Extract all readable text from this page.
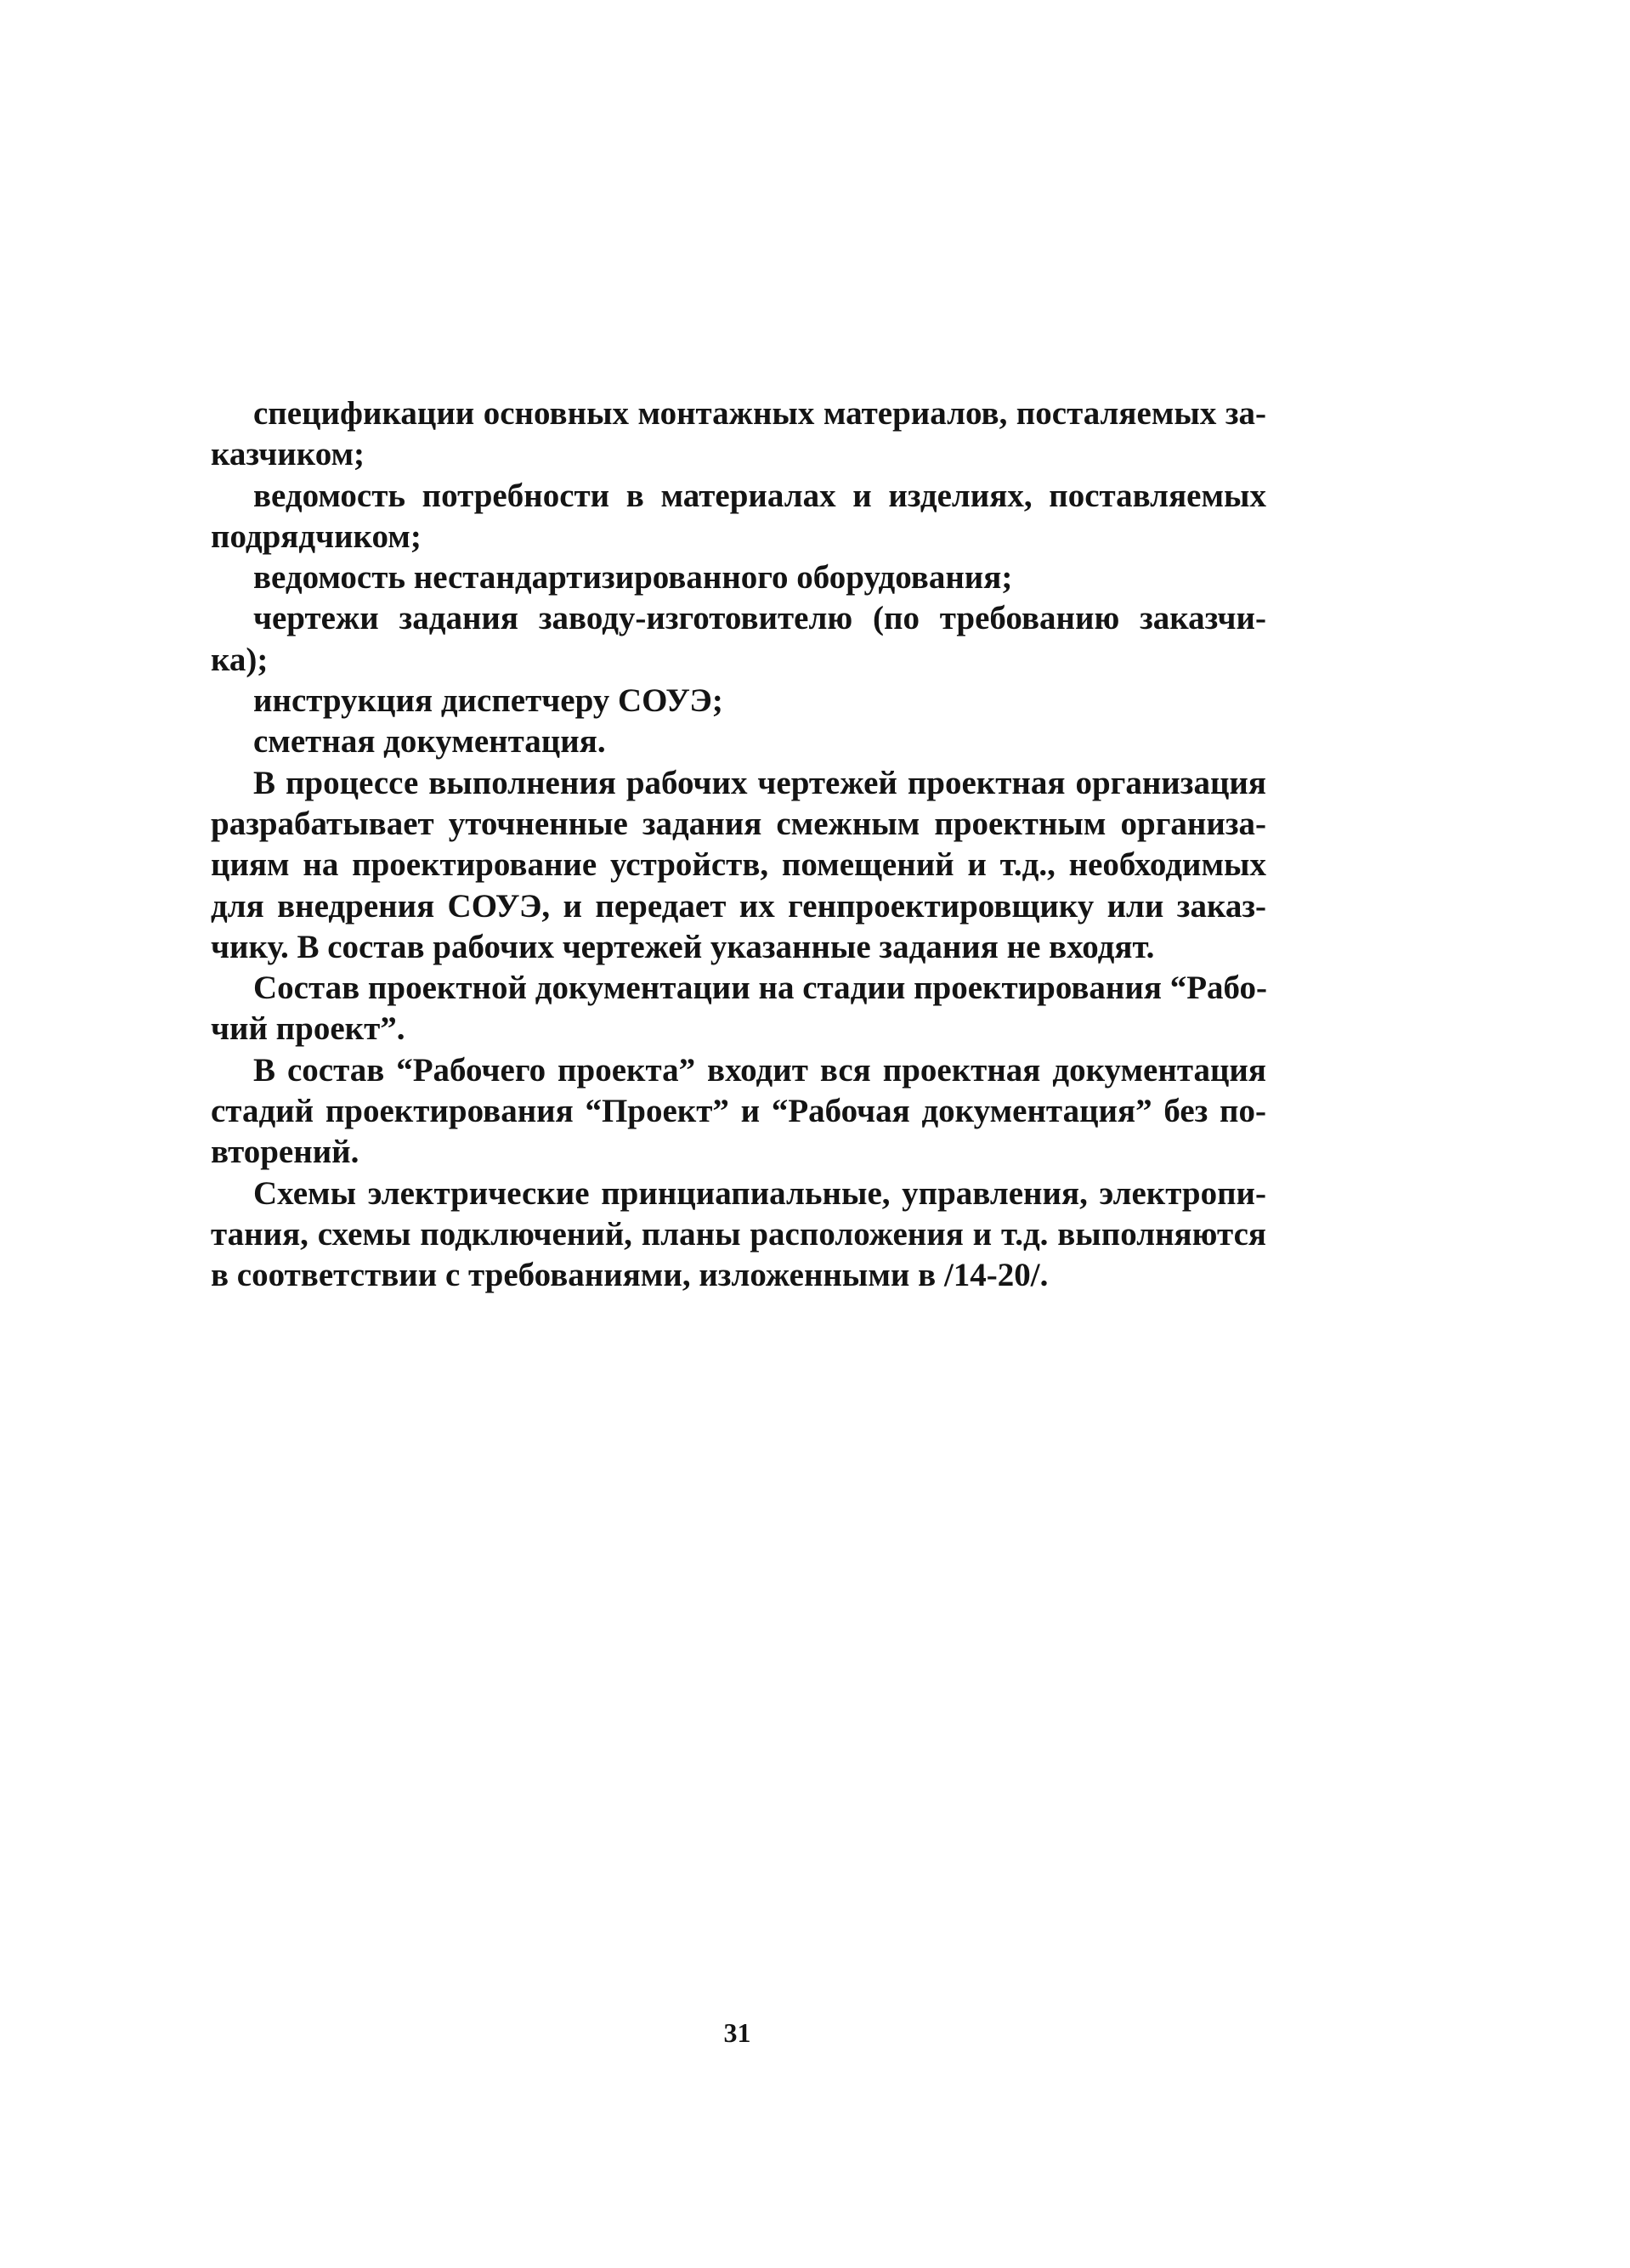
спецификации основных монтажных материалов, посталяемых за-
казчиком;
ведомость потребности в материалах и изделиях, поставляемых
подрядчиком;
ведомость нестандартизированного оборудования;
чертежи задания заводу-изготовителю (по требованию заказчи-
ка);
инструкция диспетчеру СОУЭ;
сметная документация.
В процессе выполнения рабочих чертежей проектная организация
разрабатывает уточненные задания смежным проектным организа-
циям на проектирование устройств, помещений и т.д., необходимых
для внедрения СОУЭ, и передает их генпроектировщику или заказ-
чику. В состав рабочих чертежей указанные задания не входят.
Состав проектной документации на стадии проектирования “Рабо-
чий проект”.
В состав “Рабочего проекта” входит вся проектная документация
стадий проектирования “Проект” и “Рабочая документация” без по-
вторений.
Схемы электрические принциапиальные, управления, электропи-
тания, схемы подключений, планы расположения и т.д. выполняются
в соответствии с требованиями, изложенными в /14-20/.
31
